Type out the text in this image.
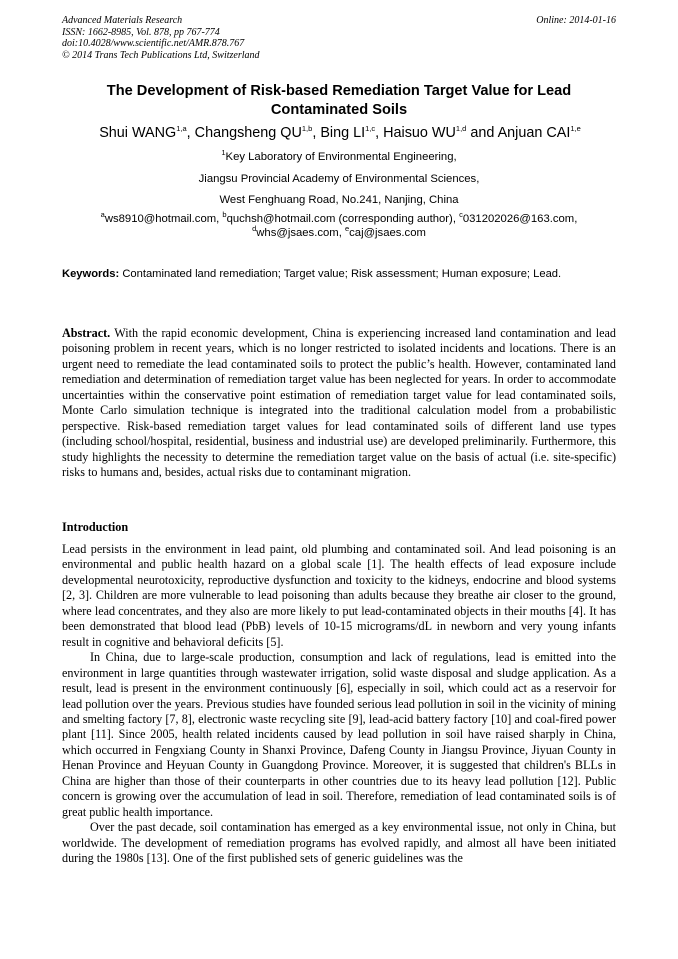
Advanced Materials Research
ISSN: 1662-8985, Vol. 878, pp 767-774
doi:10.4028/www.scientific.net/AMR.878.767
© 2014 Trans Tech Publications Ltd, Switzerland
Online: 2014-01-16
The Development of Risk-based Remediation Target Value for Lead Contaminated Soils
Shui WANG$^{1,a}$, Changsheng QU$^{1,b}$, Bing LI$^{1,c}$, Haisuo WU$^{1,d}$ and Anjuan CAI$^{1,e}$
$^1$Key Laboratory of Environmental Engineering,
Jiangsu Provincial Academy of Environmental Sciences,
West Fenghuang Road, No.241, Nanjing, China
$^a$ws8910@hotmail.com, $^b$quchsh@hotmail.com (corresponding author), $^c$031202026@163.com,
$^d$whs@jsaes.com, $^e$caj@jsaes.com
Keywords: Contaminated land remediation; Target value; Risk assessment; Human exposure; Lead.

Abstract. With the rapid economic development, China is experiencing increased land contamination and lead poisoning problem in recent years, which is no longer restricted to isolated incidents and locations. There is an urgent need to remediate the lead contaminated soils to protect the public’s health. However, contaminated land remediation and determination of remediation target value has been neglected for years. In order to accommodate uncertainties within the conservative point estimation of remediation target value for lead contaminated soils, Monte Carlo simulation technique is integrated into the traditional calculation model from a probabilistic perspective. Risk-based remediation target values for lead contaminated soils of different land use types (including school/hospital, residential, business and industrial use) are developed preliminarily. Furthermore, this study highlights the necessity to determine the remediation target value on the basis of actual (i.e. site-specific) risks to humans and, besides, actual risks due to contaminant migration.

Introduction

Lead persists in the environment in lead paint, old plumbing and contaminated soil. And lead poisoning is an environmental and public health hazard on a global scale [1]. The health effects of lead exposure include developmental neurotoxicity, reproductive dysfunction and toxicity to the kidneys, endocrine and blood systems [2, 3]. Children are more vulnerable to lead poisoning than adults because they breathe air closer to the ground, where lead concentrates, and they also are more likely to put lead-contaminated objects in their mouths [4]. It has been demonstrated that blood lead (PbB) levels of 10-15 micrograms/dL in newborn and very young infants result in cognitive and behavioral deficits [5].

In China, due to large-scale production, consumption and lack of regulations, lead is emitted into the environment in large quantities through wastewater irrigation, solid waste disposal and sludge application. As a result, lead is present in the environment continuously [6], especially in soil, which could act as a reservoir for lead pollution over the years. Previous studies have founded serious lead pollution in soil in the vicinity of mining and smelting factory [7, 8], electronic waste recycling site [9], lead-acid battery factory [10] and coal-fired power plant [11]. Since 2005, health related incidents caused by lead pollution in soil have raised sharply in China, which occurred in Fengxiang County in Shanxi Province, Dafeng County in Jiangsu Province, Jiyuan County in Henan Province and Heyuan County in Guangdong Province. Moreover, it is suggested that children's BLLs in China are higher than those of their counterparts in other countries due to its heavy lead pollution [12]. Public concern is growing over the accumulation of lead in soil. Therefore, remediation of lead contaminated soils is of great public health importance.

Over the past decade, soil contamination has emerged as a key environmental issue, not only in China, but worldwide. The development of remediation programs has evolved rapidly, and almost all have been initiated during the 1980s [13]. One of the first published sets of generic guidelines was the
